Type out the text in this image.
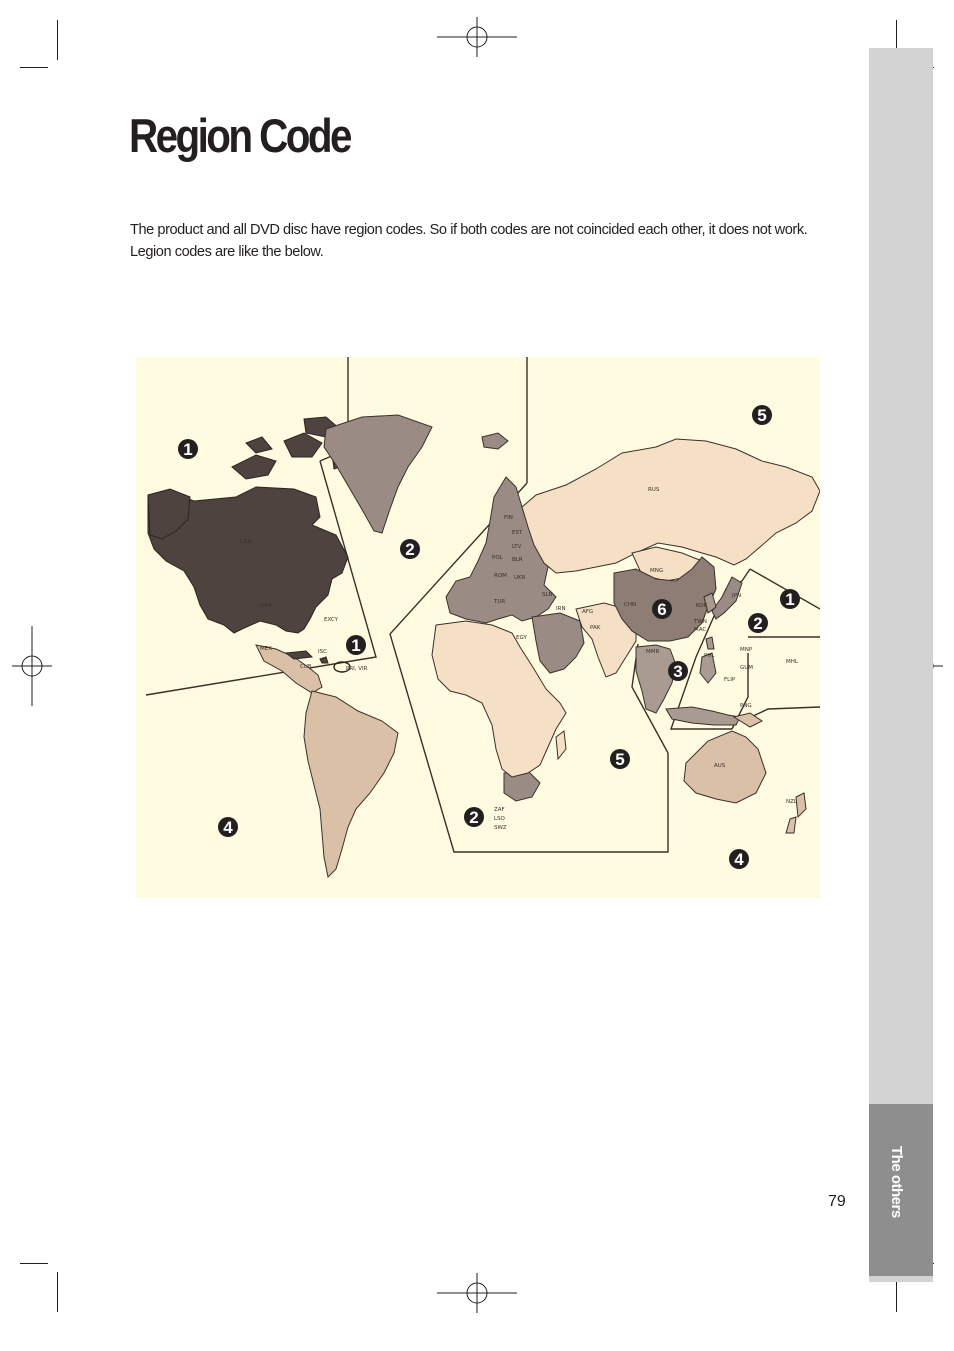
The others
Region Code

The product and all DVD disc have region codes. So if both codes are not coincided each other, it does not work. Legion codes are like the below.

79
1
2
1
5
6
1
2
3
5
2
4
4
CAN
USA
MEX
CUB
ISC
PRI, VIR
EXCY
RUS
FIN
EST
LTV
BLR
POL
UKR
ROM
TUR
SLN
IRN	AFG
PAK
EGY
MNG
CHN	KOR
JPN
TWN
MAC
PHL
MMR
GUM
MNP
MHL
FLIP
PNG
AUS
NZL
ZAF
LSO
SWZ
